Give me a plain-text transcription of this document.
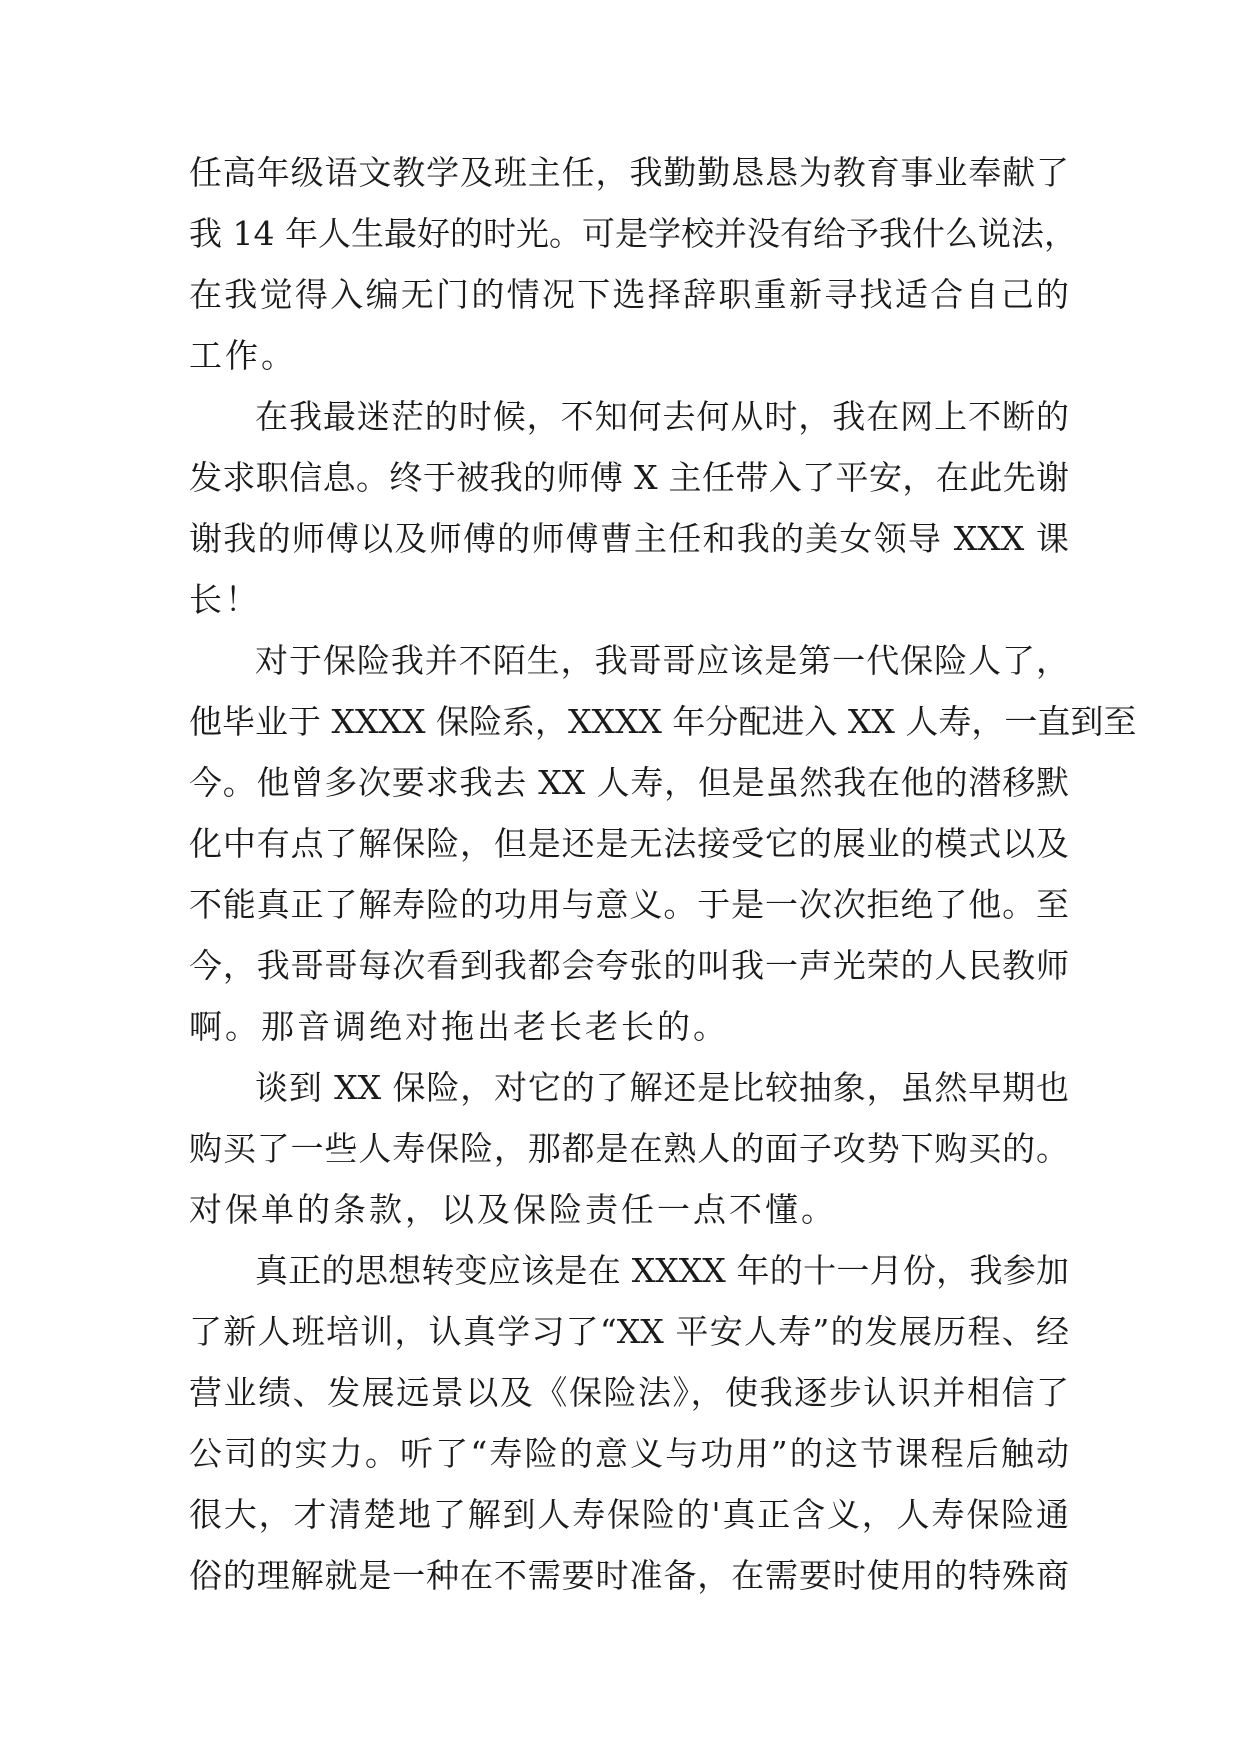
任高年级语文教学及班主任，我勤勤恳恳为教育事业奉献了
我 14 年人生最好的时光。可是学校并没有给予我什么说法，
在我觉得入编无门的情况下选择辞职重新寻找适合自己的
工作。
在我最迷茫的时候，不知何去何从时，我在网上不断的
发求职信息。终于被我的师傅 X 主任带入了平安，在此先谢
谢我的师傅以及师傅的师傅曹主任和我的美女领导 XXX 课
长！
对于保险我并不陌生，我哥哥应该是第一代保险人了，
他毕业于 XXXX 保险系，XXXX 年分配进入 XX 人寿，一直到至
今。他曾多次要求我去 XX 人寿，但是虽然我在他的潜移默
化中有点了解保险，但是还是无法接受它的展业的模式以及
不能真正了解寿险的功用与意义。于是一次次拒绝了他。至
今，我哥哥每次看到我都会夸张的叫我一声光荣的人民教师
啊。那音调绝对拖出老长老长的。
谈到 XX 保险，对它的了解还是比较抽象，虽然早期也
购买了一些人寿保险，那都是在熟人的面子攻势下购买的。
对保单的条款，以及保险责任一点不懂。
真正的思想转变应该是在 XXXX 年的十一月份，我参加
了新人班培训，认真学习了“XX 平安人寿”的发展历程、经
营业绩、发展远景以及《保险法》，使我逐步认识并相信了
公司的实力。听了“寿险的意义与功用”的这节课程后触动
很大，才清楚地了解到人寿保险的'真正含义，人寿保险通
俗的理解就是一种在不需要时准备，在需要时使用的特殊商
